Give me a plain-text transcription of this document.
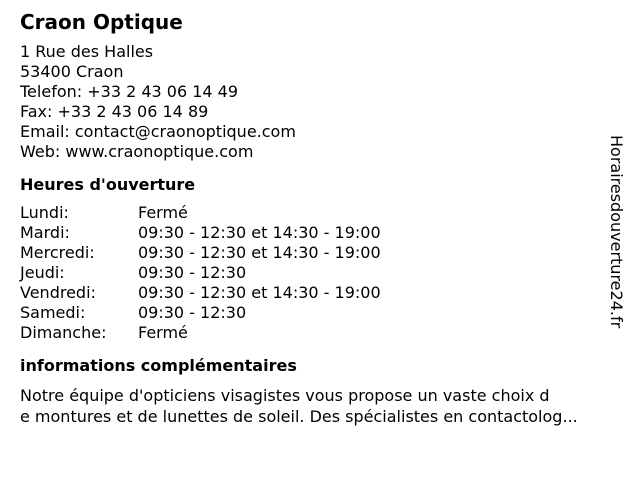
Craon Optique
1 Rue des Halles
53400 Craon
Telefon: +33 2 43 06 14 49
Fax: +33 2 43 06 14 89
Email: contact@craonoptique.com
Web: www.craonoptique.com
Heures d'ouverture
Lundi:	Fermé
Mardi:	09:30 - 12:30 et 14:30 - 19:00
Mercredi:	09:30 - 12:30 et 14:30 - 19:00
Jeudi:	09:30 - 12:30
Vendredi:	09:30 - 12:30 et 14:30 - 19:00
Samedi:	09:30 - 12:30
Dimanche:	Fermé
informations complémentaires
Notre équipe d'opticiens visagistes vous propose un vaste choix d
e montures et de lunettes de soleil. Des spécialistes en contactolog...
Horairesdouverture24.fr
